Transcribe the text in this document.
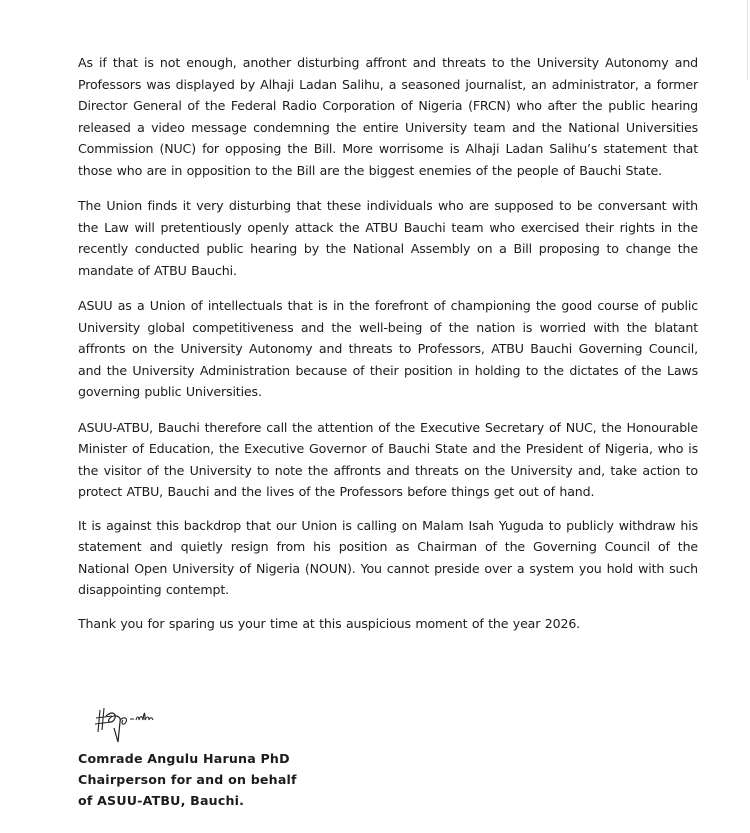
As if that is not enough, another disturbing affront and threats to the University Autonomy and Professors was displayed by Alhaji Ladan Salihu, a seasoned journalist, an administrator, a former Director General of the Federal Radio Corporation of Nigeria (FRCN) who after the public hearing released a video message condemning the entire University team and the National Universities Commission (NUC) for opposing the Bill. More worrisome is Alhaji Ladan Salihu’s statement that those who are in opposition to the Bill are the biggest enemies of the people of Bauchi State.

The Union finds it very disturbing that these individuals who are supposed to be conversant with the Law will pretentiously openly attack the ATBU Bauchi team who exercised their rights in the recently conducted public hearing by the National Assembly on a Bill proposing to change the mandate of ATBU Bauchi.

ASUU as a Union of intellectuals that is in the forefront of championing the good course of public University global competitiveness and the well-being of the nation is worried with the blatant affronts on the University Autonomy and threats to Professors, ATBU Bauchi Governing Council, and the University Administration because of their position in holding to the dictates of the Laws governing public Universities.

ASUU-ATBU, Bauchi therefore call the attention of the Executive Secretary of NUC, the Honourable Minister of Education, the Executive Governor of Bauchi State and the President of Nigeria, who is the visitor of the University to note the affronts and threats on the University and, take action to protect ATBU, Bauchi and the lives of the Professors before things get out of hand.

It is against this backdrop that our Union is calling on Malam Isah Yuguda to publicly withdraw his statement and quietly resign from his position as Chairman of the Governing Council of the National Open University of Nigeria (NOUN). You cannot preside over a system you hold with such disappointing contempt.

Thank you for sparing us your time at this auspicious moment of the year 2026.

Comrade Angulu Haruna PhD

Chairperson for and on behalf

of ASUU-ATBU, Bauchi.
